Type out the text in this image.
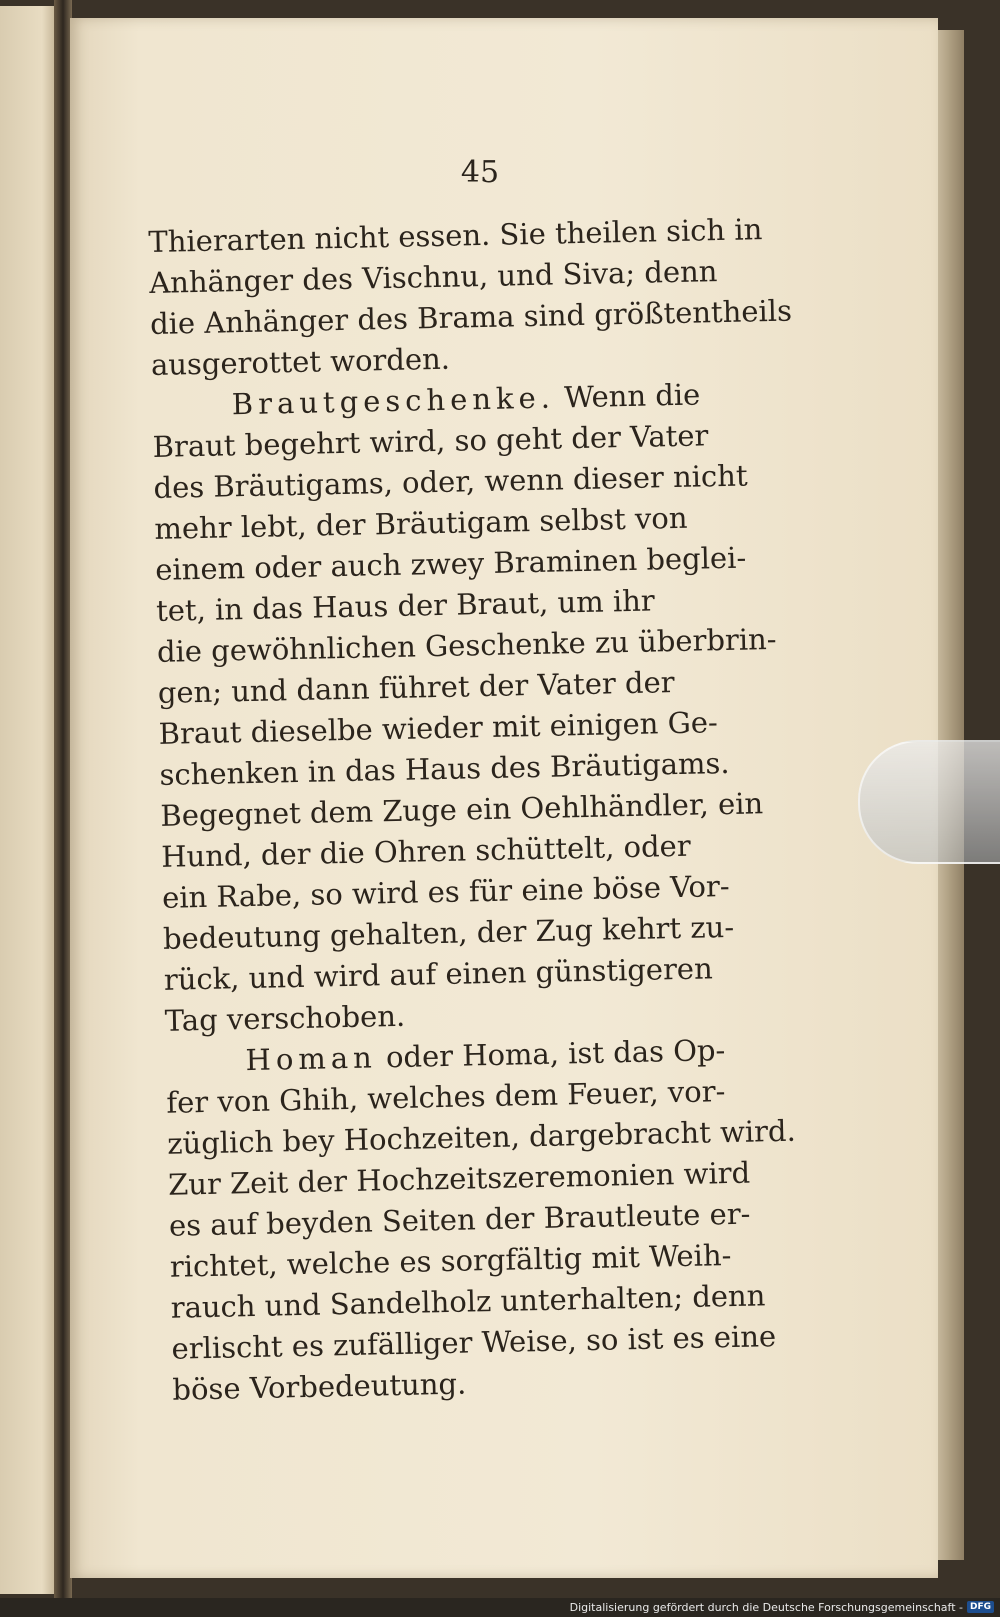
45

Thierarten nicht essen. Sie theilen sich in
Anhänger des Vischnu, und Siva; denn
die Anhänger des Brama sind größtentheils
ausgerottet worden.

Brautgeschenke. Wenn die
Braut begehrt wird, so geht der Vater
des Bräutigams, oder, wenn dieser nicht
mehr lebt, der Bräutigam selbst von
einem oder auch zwey Braminen beglei-
tet, in das Haus der Braut, um ihr
die gewöhnlichen Geschenke zu überbrin-
gen; und dann führet der Vater der
Braut dieselbe wieder mit einigen Ge-
schenken in das Haus des Bräutigams.
Begegnet dem Zuge ein Oehlhändler, ein
Hund, der die Ohren schüttelt, oder
ein Rabe, so wird es für eine böse Vor-
bedeutung gehalten, der Zug kehrt zu-
rück, und wird auf einen günstigeren
Tag verschoben.

Homan oder Homa, ist das Op-
fer von Ghih, welches dem Feuer, vor-
züglich bey Hochzeiten, dargebracht wird.
Zur Zeit der Hochzeitszeremonien wird
es auf beyden Seiten der Brautleute er-
richtet, welche es sorgfältig mit Weih-
rauch und Sandelholz unterhalten; denn
erlischt es zufälliger Weise, so ist es eine
böse Vorbedeutung.

Digitalisierung gefördert durch die Deutsche Forschungsgemeinschaft - DFG
